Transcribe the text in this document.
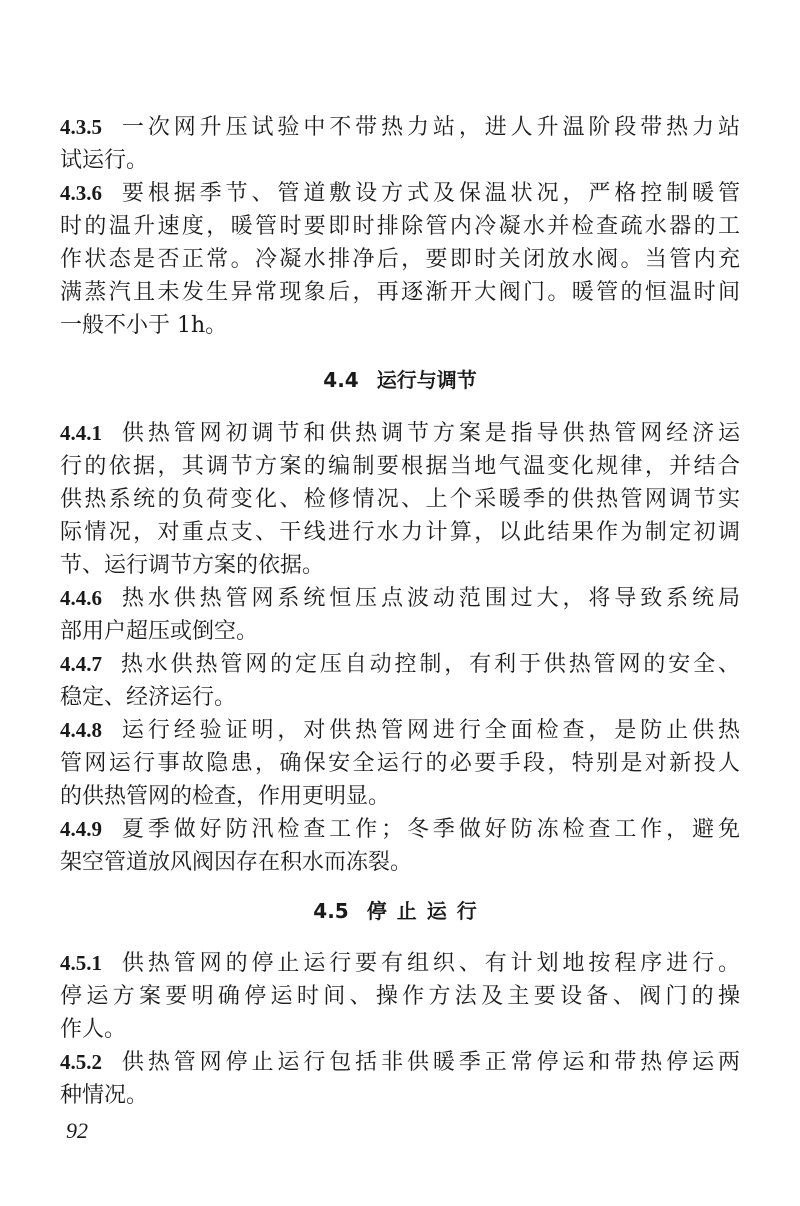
4.3.5 一次网升压试验中不带热力站，进人升温阶段带热力站
试运行。
4.3.6 要根据季节、管道敷设方式及保温状况，严格控制暖管
时的温升速度，暖管时要即时排除管内冷凝水并检查疏水器的工
作状态是否正常。冷凝水排净后，要即时关闭放水阀。当管内充
满蒸汽且未发生异常现象后，再逐渐开大阀门。暖管的恒温时间
一般不小于 1h。
4.4 运行与调节
4.4.1 供热管网初调节和供热调节方案是指导供热管网经济运
行的依据，其调节方案的编制要根据当地气温变化规律，并结合
供热系统的负荷变化、检修情况、上个采暖季的供热管网调节实
际情况，对重点支、干线进行水力计算，以此结果作为制定初调
节、运行调节方案的依据。
4.4.6 热水供热管网系统恒压点波动范围过大，将导致系统局
部用户超压或倒空。
4.4.7 热水供热管网的定压自动控制，有利于供热管网的安全、
稳定、经济运行。
4.4.8 运行经验证明，对供热管网进行全面检查，是防止供热
管网运行事故隐患，确保安全运行的必要手段，特别是对新投人
的供热管网的检查，作用更明显。
4.4.9 夏季做好防汛检查工作；冬季做好防冻检查工作，避免
架空管道放风阀因存在积水而冻裂。
4.5 停止运行
4.5.1 供热管网的停止运行要有组织、有计划地按程序进行。
停运方案要明确停运时间、操作方法及主要设备、阀门的操
作人。
4.5.2 供热管网停止运行包括非供暖季正常停运和带热停运两
种情况。
92
